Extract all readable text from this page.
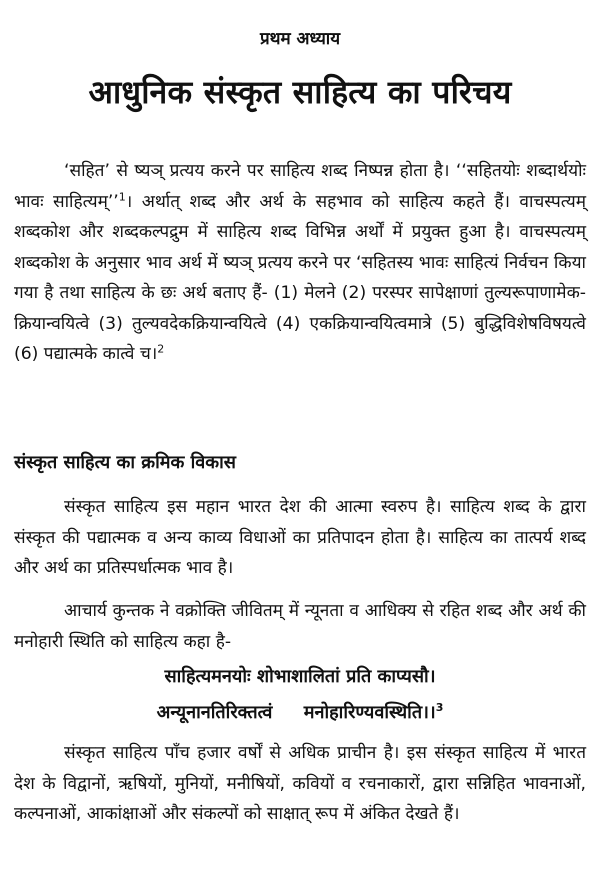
प्रथम अध्याय
आधुनिक संस्कृत साहित्य का परिचय

‘सहित’ से ष्यञ् प्रत्यय करने पर साहित्य शब्द निष्पन्न होता है। ‘‘सहितयोः शब्दार्थयोः भावः साहित्यम्’’$^1$। अर्थात् शब्द और अर्थ के सहभाव को साहित्य कहते हैं। वाचस्पत्यम् शब्दकोश और शब्दकल्पद्रुम में साहित्य शब्द विभिन्न अर्थों में प्रयुक्त हुआ है। वाचस्पत्यम् शब्दकोश के अनुसार भाव अर्थ में ष्यञ् प्रत्यय करने पर ‘सहितस्य भावः साहित्यं निर्वचन किया गया है तथा साहित्य के छः अर्थ बताए हैं- (1) मेलने (2) परस्पर सापेक्षाणां तुल्यरूपाणामेक-क्रियान्वयित्वे (3) तुल्यवदेकक्रियान्वयित्वे (4) एकक्रियान्वयित्वमात्रे (5) बुद्धिविशेषविषयत्वे (6) पद्यात्मके कात्वे च।$^2$

संस्कृत साहित्य का क्रमिक विकास

संस्कृत साहित्य इस महान भारत देश की आत्मा स्वरुप है। साहित्य शब्द के द्वारा संस्कृत की पद्यात्मक व अन्य काव्य विधाओं का प्रतिपादन होता है। साहित्य का तात्पर्य शब्द और अर्थ का प्रतिस्पर्धात्मक भाव है।

आचार्य कुन्तक ने वक्रोक्ति जीवितम् में न्यूनता व आधिक्य से रहित शब्द और अर्थ की मनोहारी स्थिति को साहित्य कहा है-

साहित्यमनयोः शोभाशालितां प्रति काप्यसौ।

अन्यूनानतिरिक्तत्वं     मनोहारिण्यवस्थिति।।$^3$

संस्कृत साहित्य पाँच हजार वर्षों से अधिक प्राचीन है। इस संस्कृत साहित्य में भारत देश के विद्वानों, ऋषियों, मुनियों, मनीषियों, कवियों व रचनाकारों, द्वारा सन्निहित भावनाओं, कल्पनाओं, आकांक्षाओं और संकल्पों को साक्षात् रूप में अंकित देखते हैं।
